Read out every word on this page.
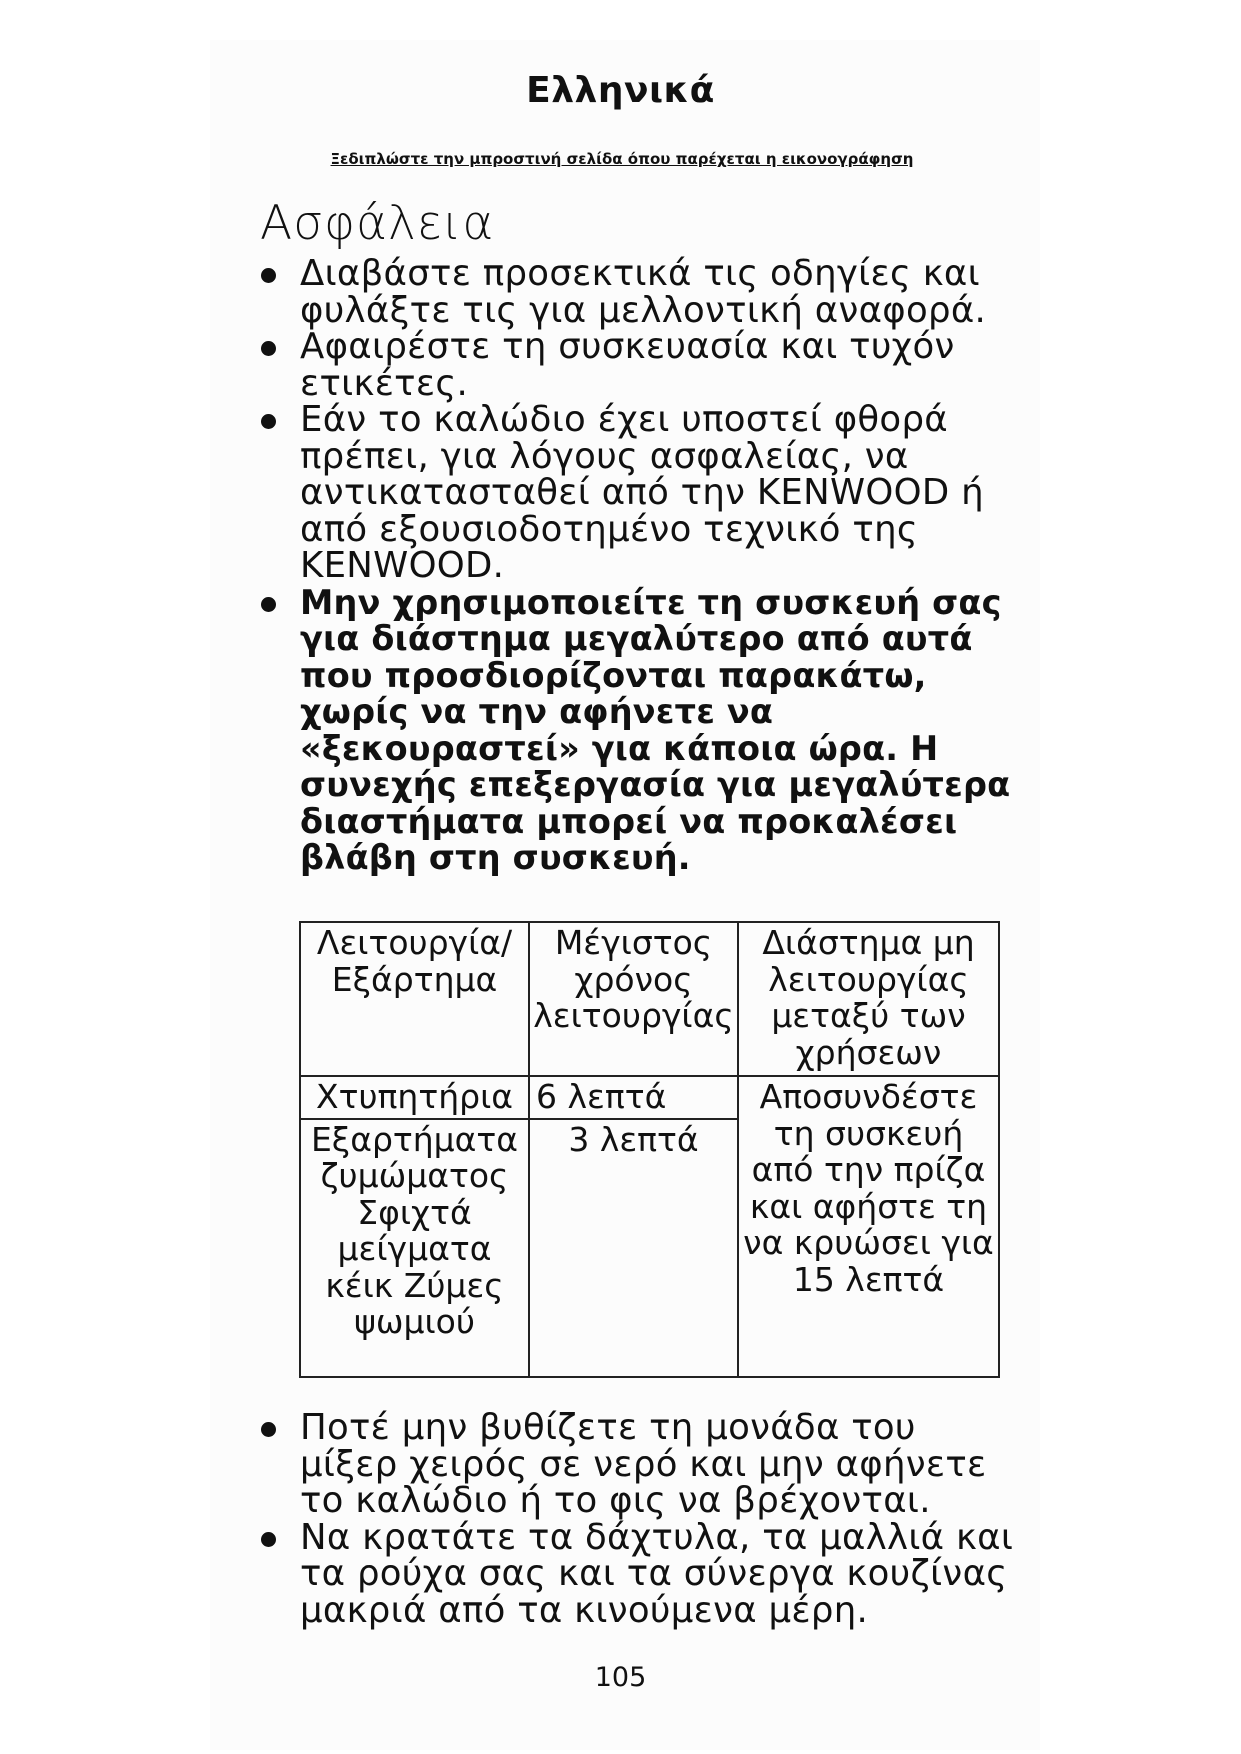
Ελληνικά
Ξεδιπλώστε την μπροστινή σελίδα όπου παρέχεται η εικονογράφηση
Ασφάλεια
Διαβάστε προσεκτικά τις οδηγίες και φυλάξτε τις για μελλοντική αναφορά.
Αφαιρέστε τη συσκευασία και τυχόν ετικέτες.
Εάν το καλώδιο έχει υποστεί φθορά πρέπει, για λόγους ασφαλείας, να αντικατασταθεί από την KENWOOD ή από εξουσιοδοτημένο τεχνικό της KENWOOD.
Μην χρησιμοποιείτε τη συσκευή σας για διάστημα μεγαλύτερο από αυτά που προσδιορίζονται παρακάτω, χωρίς να την αφήνετε να «ξεκουραστεί» για κάποια ώρα. Η συνεχής επεξεργασία για μεγαλύτερα διαστήματα μπορεί να προκαλέσει βλάβη στη συσκευή.
Λειτουργία/ Εξάρτημα	Μέγιστος χρόνος λειτουργίας	Διάστημα μη λειτουργίας μεταξύ των χρήσεων
Χτυπητήρια	6 λεπτά	Αποσυνδέστε τη συσκευή από την πρίζα και αφήστε τη να κρυώσει για 15 λεπτά
Εξαρτήματα ζυμώματος Σφιχτά μείγματα κέικ Ζύμες ψωμιού	3 λεπτά	
Ποτέ μην βυθίζετε τη μονάδα του μίξερ χειρός σε νερό και μην αφήνετε το καλώδιο ή το φις να βρέχονται.
Να κρατάτε τα δάχτυλα, τα μαλλιά και τα ρούχα σας και τα σύνεργα κουζίνας μακριά από τα κινούμενα μέρη.
105
